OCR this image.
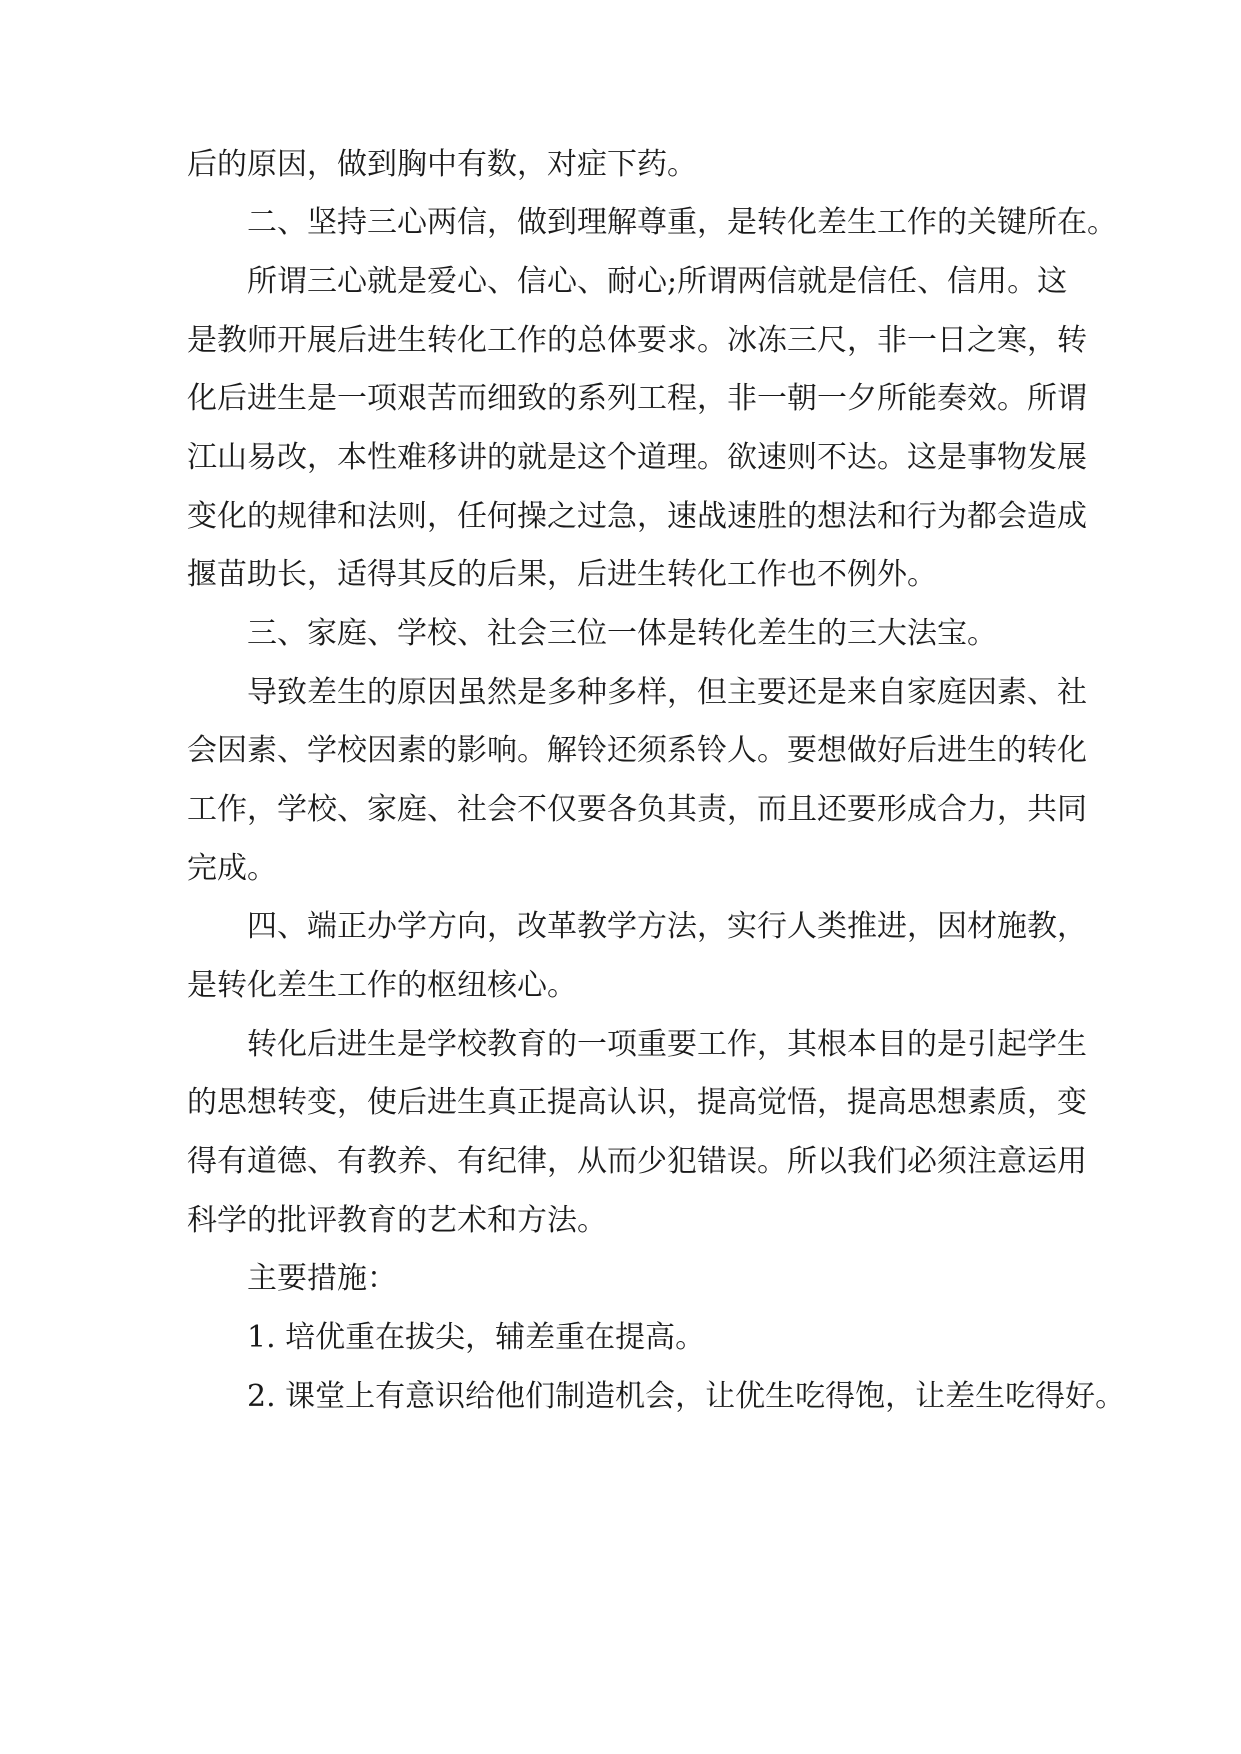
后的原因，做到胸中有数，对症下药。

二、坚持三心两信，做到理解尊重，是转化差生工作的关键所在。

所谓三心就是爱心、信心、耐心;所谓两信就是信任、信用。这

是教师开展后进生转化工作的总体要求。冰冻三尺，非一日之寒，转

化后进生是一项艰苦而细致的系列工程，非一朝一夕所能奏效。所谓

江山易改，本性难移讲的就是这个道理。欲速则不达。这是事物发展

变化的规律和法则，任何操之过急，速战速胜的想法和行为都会造成

揠苗助长，适得其反的后果，后进生转化工作也不例外。

三、家庭、学校、社会三位一体是转化差生的三大法宝。

导致差生的原因虽然是多种多样，但主要还是来自家庭因素、社

会因素、学校因素的影响。解铃还须系铃人。要想做好后进生的转化

工作，学校、家庭、社会不仅要各负其责，而且还要形成合力，共同

完成。

四、端正办学方向，改革教学方法，实行人类推进，因材施教，

是转化差生工作的枢纽核心。

转化后进生是学校教育的一项重要工作，其根本目的是引起学生

的思想转变，使后进生真正提高认识，提高觉悟，提高思想素质，变

得有道德、有教养、有纪律，从而少犯错误。所以我们必须注意运用

科学的批评教育的艺术和方法。

主要措施：

1. 培优重在拔尖，辅差重在提高。

2. 课堂上有意识给他们制造机会，让优生吃得饱，让差生吃得好。
